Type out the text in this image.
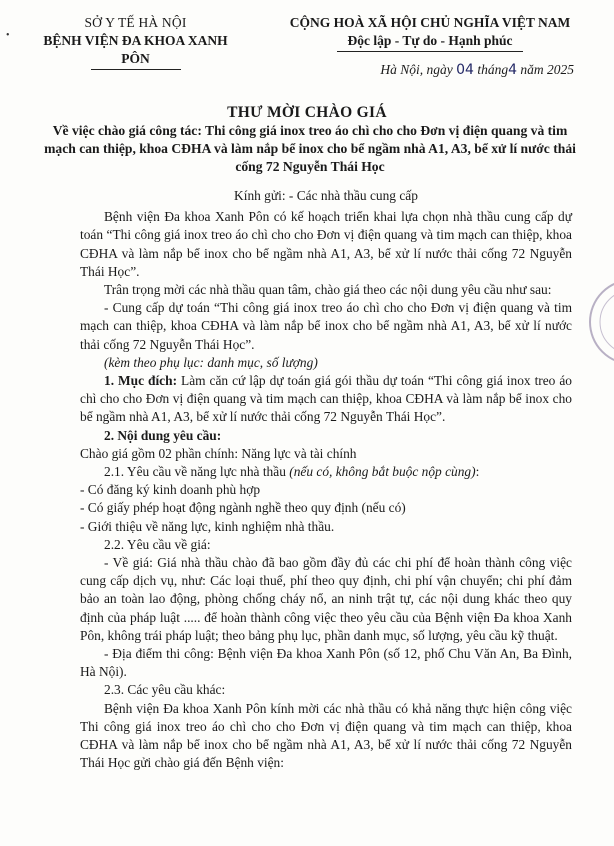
•
SỞ Y TẾ HÀ NỘI
BỆNH VIỆN ĐA KHOA XANH PÔN
CỘNG HOÀ XÃ HỘI CHỦ NGHĨA VIỆT NAM
Độc lập - Tự do - Hạnh phúc
Hà Nội, ngày 04 tháng4 năm 2025
THƯ MỜI CHÀO GIÁ
Về việc chào giá công tác: Thi công giá inox treo áo chì cho cho Đơn vị điện quang và tim mạch can thiệp, khoa CĐHA và làm nắp bể inox cho bể ngầm nhà A1, A3, bể xử lí nước thải cống 72 Nguyễn Thái Học

Kính gửi: - Các nhà thầu cung cấp

Bệnh viện Đa khoa Xanh Pôn có kế hoạch triển khai lựa chọn nhà thầu cung cấp dự toán “Thi công giá inox treo áo chì cho cho Đơn vị điện quang và tim mạch can thiệp, khoa CĐHA và làm nắp bể inox cho bể ngầm nhà A1, A3, bể xử lí nước thải cống 72 Nguyễn Thái Học”.

Trân trọng mời các nhà thầu quan tâm, chào giá theo các nội dung yêu cầu như sau:

- Cung cấp dự toán “Thi công giá inox treo áo chì cho cho Đơn vị điện quang và tim mạch can thiệp, khoa CĐHA và làm nắp bể inox cho bể ngầm nhà A1, A3, bể xử lí nước thải cống 72 Nguyễn Thái Học”.

(kèm theo phụ lục: danh mục, số lượng)

1. Mục đích: Làm căn cứ lập dự toán giá gói thầu dự toán “Thi công giá inox treo áo chì cho cho Đơn vị điện quang và tim mạch can thiệp, khoa CĐHA và làm nắp bể inox cho bể ngầm nhà A1, A3, bể xử lí nước thải cống 72 Nguyễn Thái Học”.

2. Nội dung yêu cầu:

Chào giá gồm 02 phần chính: Năng lực và tài chính

2.1. Yêu cầu về năng lực nhà thầu (nếu có, không bắt buộc nộp cùng):

- Có đăng ký kinh doanh phù hợp

- Có giấy phép hoạt động ngành nghề theo quy định (nếu có)

- Giới thiệu về năng lực, kinh nghiệm nhà thầu.

2.2. Yêu cầu về giá:

- Về giá: Giá nhà thầu chào đã bao gồm đầy đủ các chi phí để hoàn thành công việc cung cấp dịch vụ, như: Các loại thuế, phí theo quy định, chi phí vận chuyển; chi phí đảm bảo an toàn lao động, phòng chống cháy nổ, an ninh trật tự, các nội dung khác theo quy định của pháp luật ..... để hoàn thành công việc theo yêu cầu của Bệnh viện Đa khoa Xanh Pôn, không trái pháp luật; theo bảng phụ lục, phần danh mục, số lượng, yêu cầu kỹ thuật.

- Địa điểm thi công: Bệnh viện Đa khoa Xanh Pôn (số 12, phố Chu Văn An, Ba Đình, Hà Nội).

2.3. Các yêu cầu khác:

Bệnh viện Đa khoa Xanh Pôn kính mời các nhà thầu có khả năng thực hiện công việc Thi công giá inox treo áo chì cho cho Đơn vị điện quang và tim mạch can thiệp, khoa CĐHA và làm nắp bể inox cho bể ngầm nhà A1, A3, bể xử lí nước thải cống 72 Nguyễn Thái Học gửi chào giá đến Bệnh viện:
